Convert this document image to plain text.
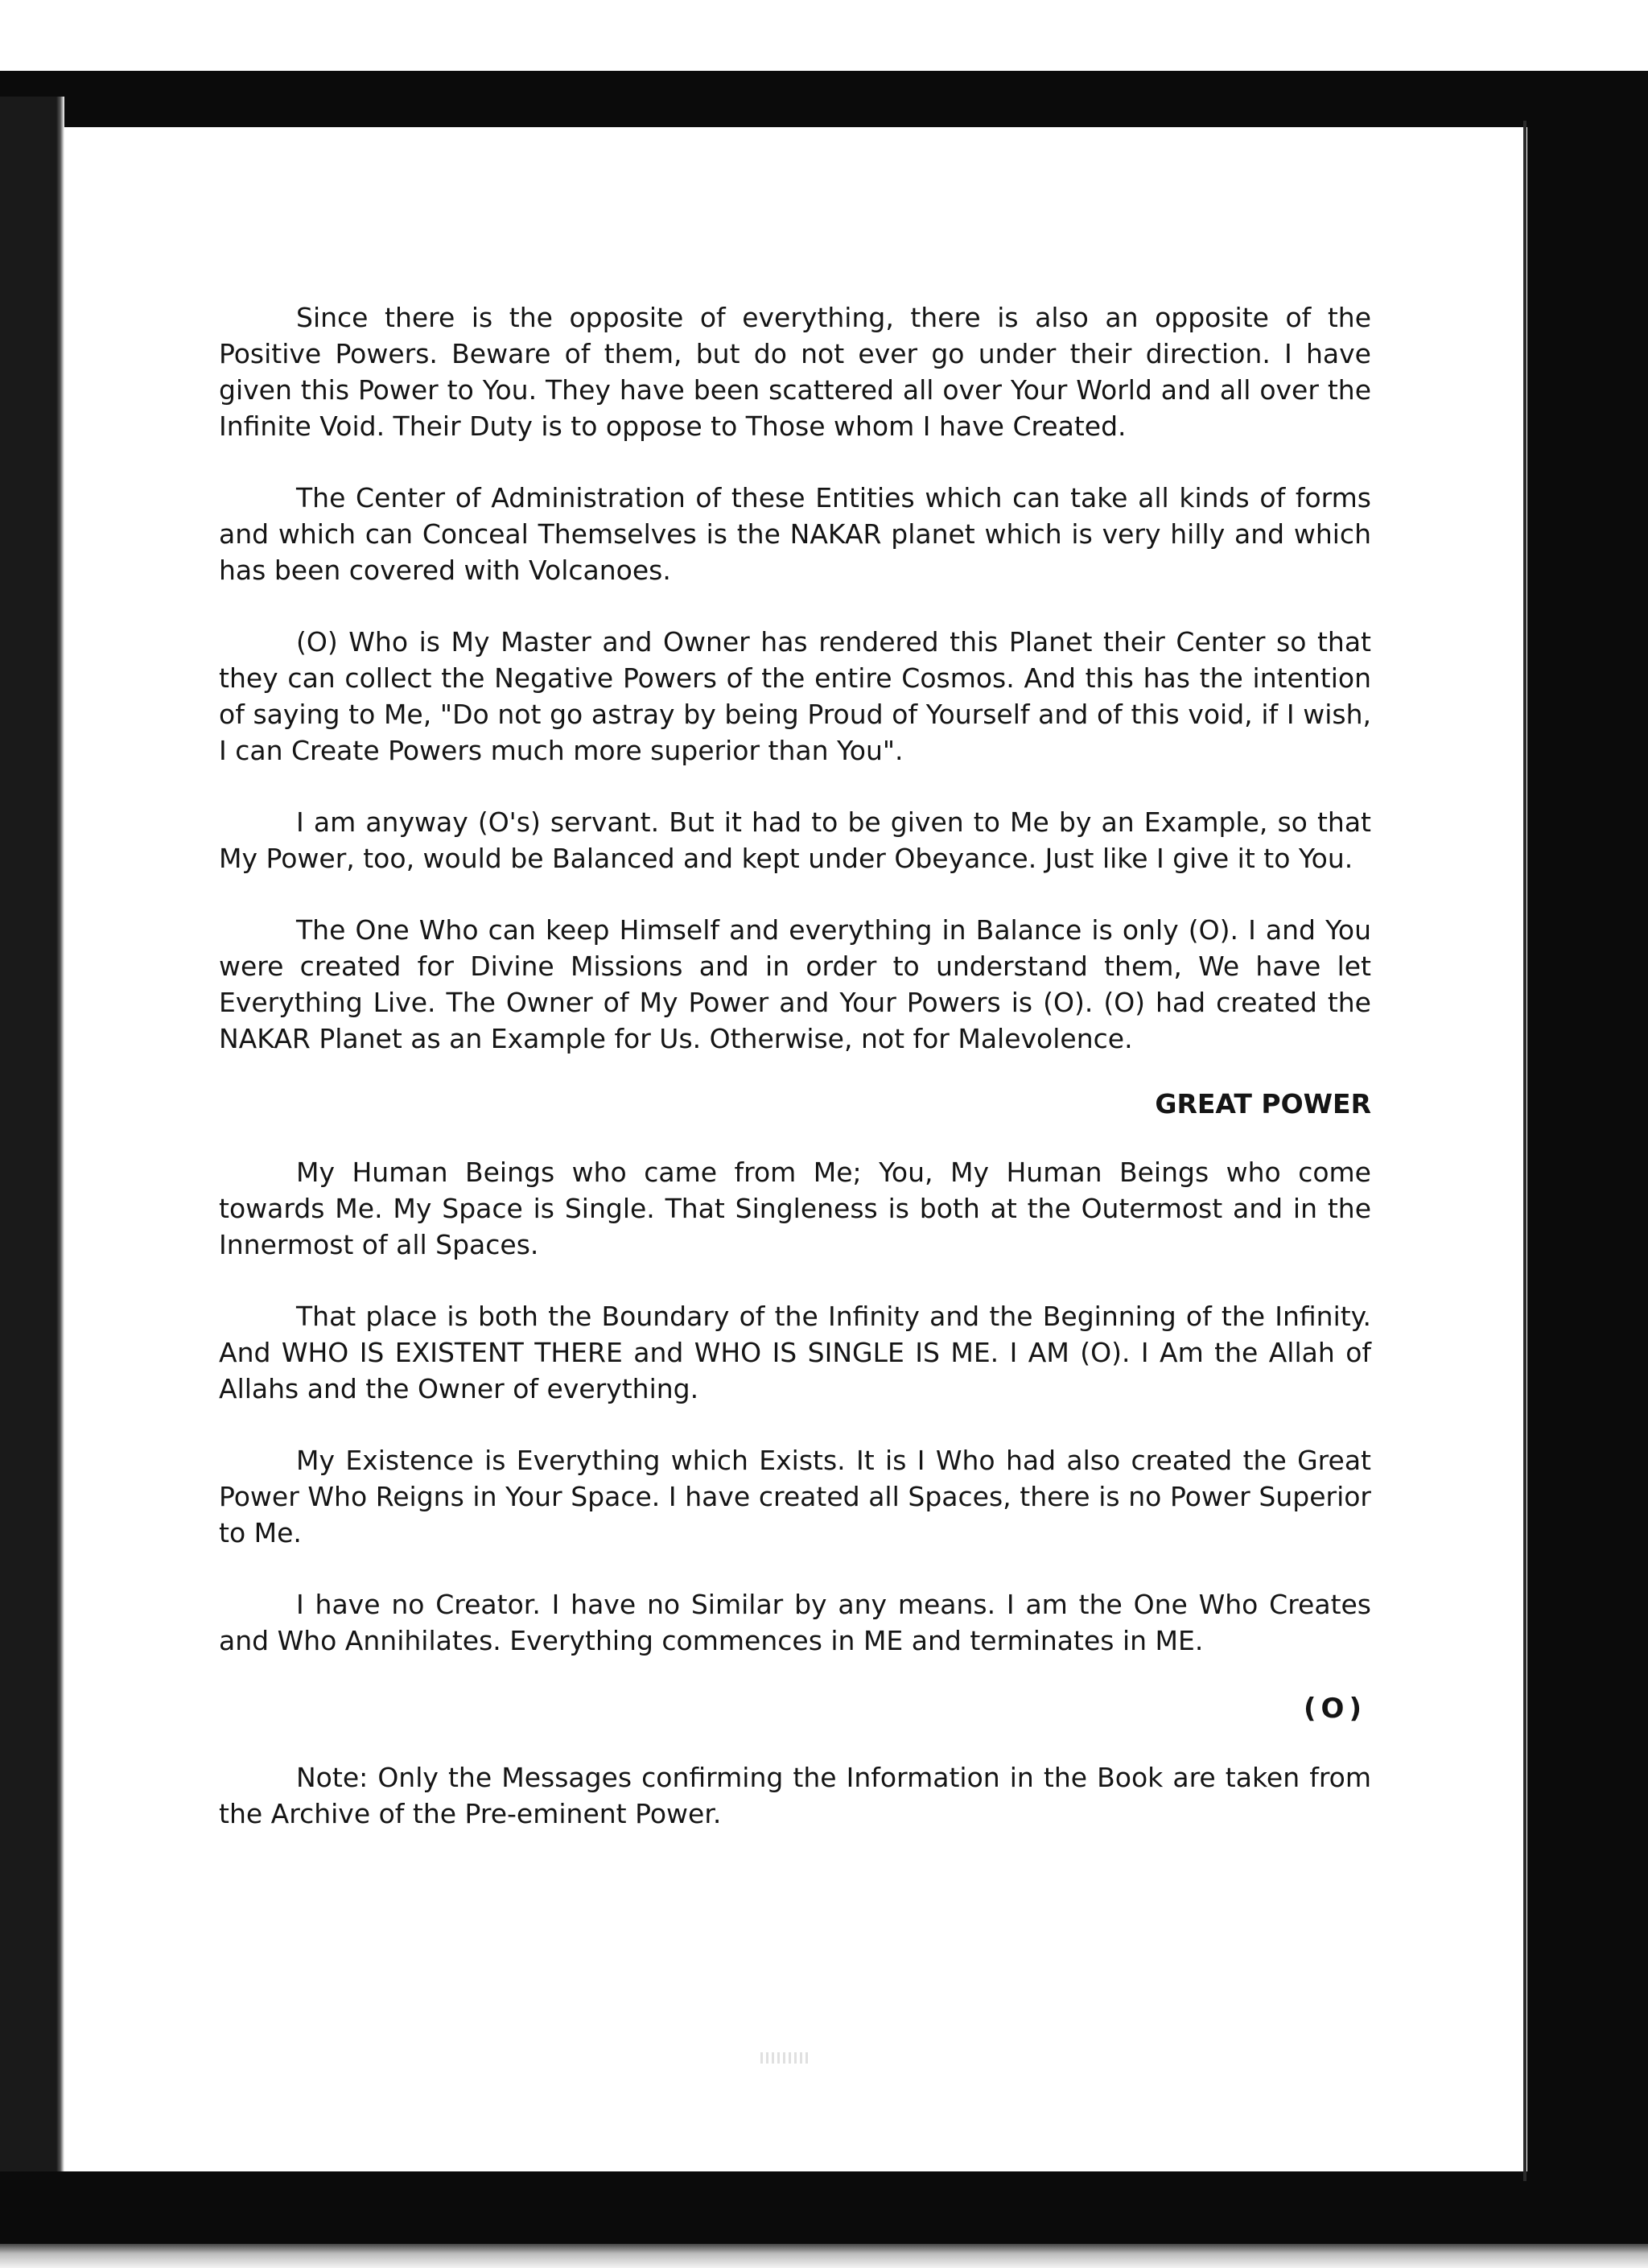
Since there is the opposite of everything, there is also an opposite of the Positive Powers. Beware of them, but do not ever go under their direction. I have given this Power to You. They have been scattered all over Your World and all over the Infinite Void. Their Duty is to oppose to Those whom I have Created.

The Center of Administration of these Entities which can take all kinds of forms and which can Conceal Themselves is the NAKAR planet which is very hilly and which has been covered with Volcanoes.

(O) Who is My Master and Owner has rendered this Planet their Center so that they can collect the Negative Powers of the entire Cosmos. And this has the intention of saying to Me, "Do not go astray by being Proud of Yourself and of this void, if I wish, I can Create Powers much more superior than You".

I am anyway (O's) servant. But it had to be given to Me by an Example, so that My Power, too, would be Balanced and kept under Obeyance. Just like I give it to You.

The One Who can keep Himself and everything in Balance is only (O). I and You were created for Divine Missions and in order to understand them, We have let Everything Live. The Owner of My Power and Your Powers is (O). (O) had created the NAKAR Planet as an Example for Us. Otherwise, not for Malevolence.

GREAT POWER

My Human Beings who came from Me; You, My Human Beings who come towards Me. My Space is Single. That Singleness is both at the Outermost and in the Innermost of all Spaces.

That place is both the Boundary of the Infinity and the Beginning of the Infinity. And WHO IS EXISTENT THERE and WHO IS SINGLE IS ME. I AM (O). I Am the Allah of Allahs and the Owner of everything.

My Existence is Everything which Exists. It is I Who had also created the Great Power Who Reigns in Your Space. I have created all Spaces, there is no Power Superior to Me.

I have no Creator. I have no Similar by any means. I am the One Who Creates and Who Annihilates. Everything commences in ME and terminates in ME.

(O)

Note: Only the Messages confirming the Information in the Book are taken from the Archive of the Pre-eminent Power.
